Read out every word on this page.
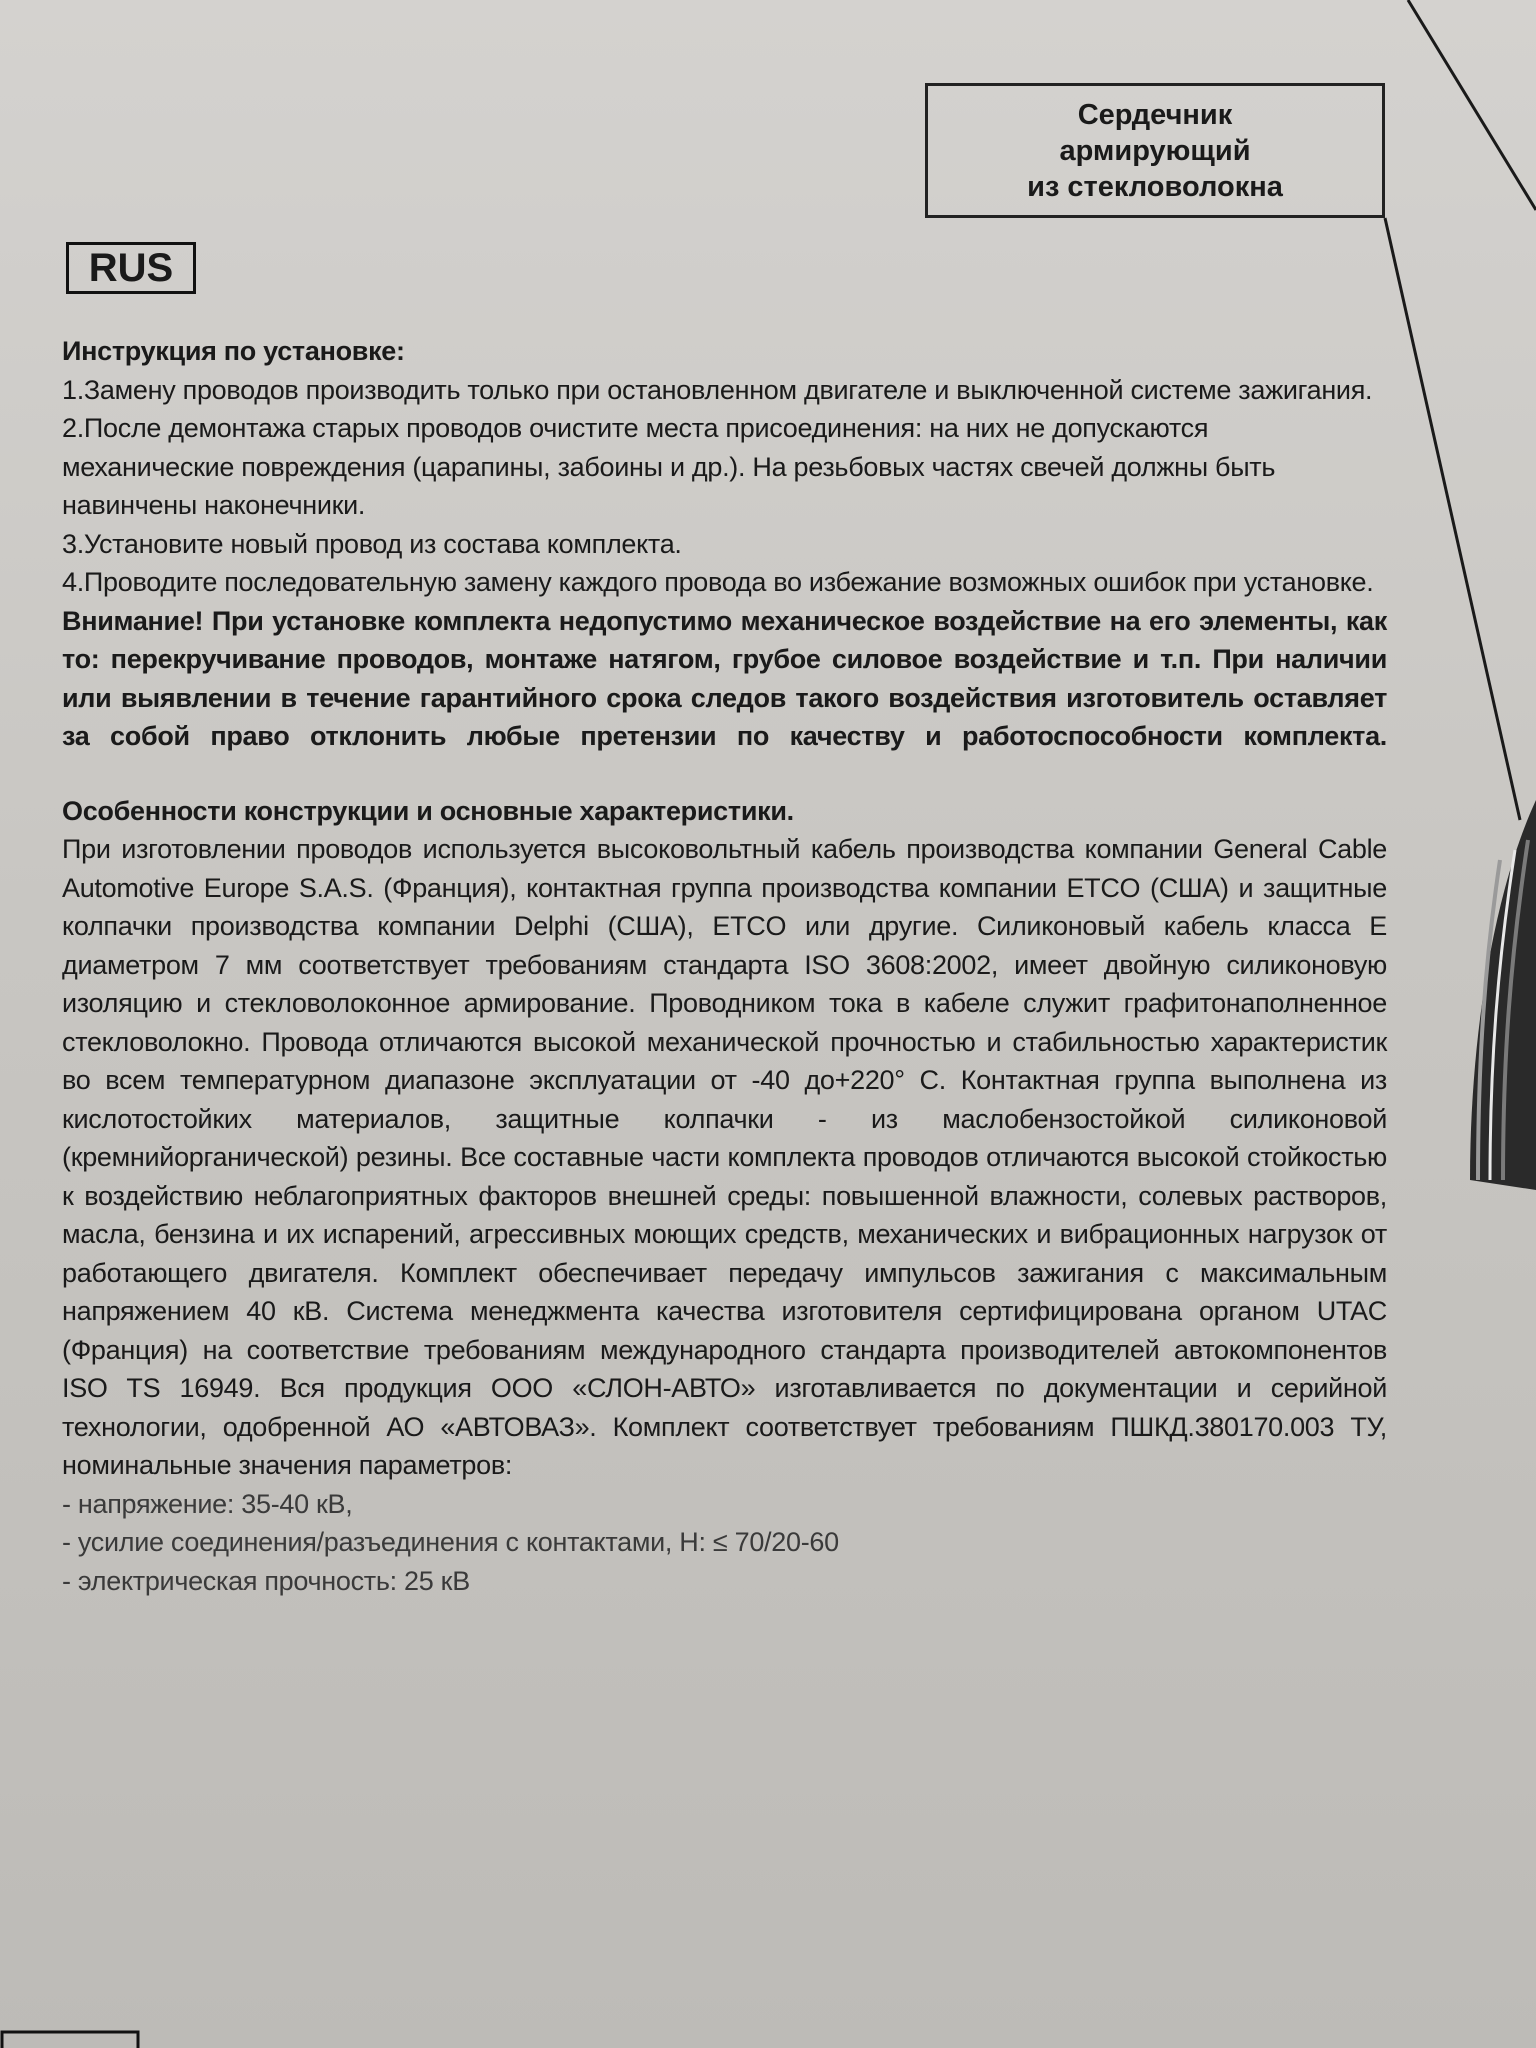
Сердечник
армирующий
из стекловолокна
RUS
Инструкция по установке:

1.Замену проводов производить только при остановленном двигателе и выключенной системе зажигания.

2.После демонтажа старых проводов очистите места присоединения: на них не допускаются механические повреждения (царапины, забоины и др.). На резьбовых частях свечей должны быть навинчены наконечники.

3.Установите новый провод из состава комплекта.

4.Проводите последовательную замену каждого провода во избежание возможных ошибок при установке.

Внимание! При установке комплекта недопустимо механическое воздействие на его элементы, как то: перекручивание проводов, монтаже натягом, грубое силовое воздействие и т.п. При наличии или выявлении в течение гарантийного срока следов такого воздействия изготовитель оставляет за собой право отклонить любые претензии по качеству и работоспособности комплекта.

Особенности конструкции и основные характеристики.

При изготовлении проводов используется высоковольтный кабель производства компании General Cable Automotive Europe S.A.S. (Франция), контактная группа производства компании ETCO (США) и защитные колпачки производства компании Delphi (США), ETCO или другие. Силиконовый кабель класса E диаметром 7 мм соответствует требованиям стандарта ISO 3608:2002, имеет двойную силиконовую изоляцию и стекловолоконное армирование. Проводником тока в кабеле служит графитонаполненное стекловолокно. Провода отличаются высокой механической прочностью и стабильностью характеристик во всем температурном диапазоне эксплуатации от -40 до+220° С. Контактная группа выполнена из кислотостойких материалов, защитные колпачки - из маслобензостойкой силиконовой (кремнийорганической) резины. Все составные части комплекта проводов отличаются высокой стойкостью к воздействию неблагоприятных факторов внешней среды: повышенной влажности, солевых растворов, масла, бензина и их испарений, агрессивных моющих средств, механических и вибрационных нагрузок от работающего двигателя. Комплект обеспечивает передачу импульсов зажигания с максимальным напряжением 40 кВ. Система менеджмента качества изготовителя сертифицирована органом UTAC (Франция) на соответствие требованиям международного стандарта производителей автокомпонентов ISO TS 16949. Вся продукция ООО «СЛОН-АВТО» изготавливается по документации и серийной технологии, одобренной АО «АВТОВАЗ». Комплект соответствует требованиям ПШКД.380170.003 ТУ, номинальные значения параметров:

- напряжение: 35-40 кВ,

- усилие соединения/разъединения с контактами, Н: ≤ 70/20-60

- электрическая прочность: 25 кВ
